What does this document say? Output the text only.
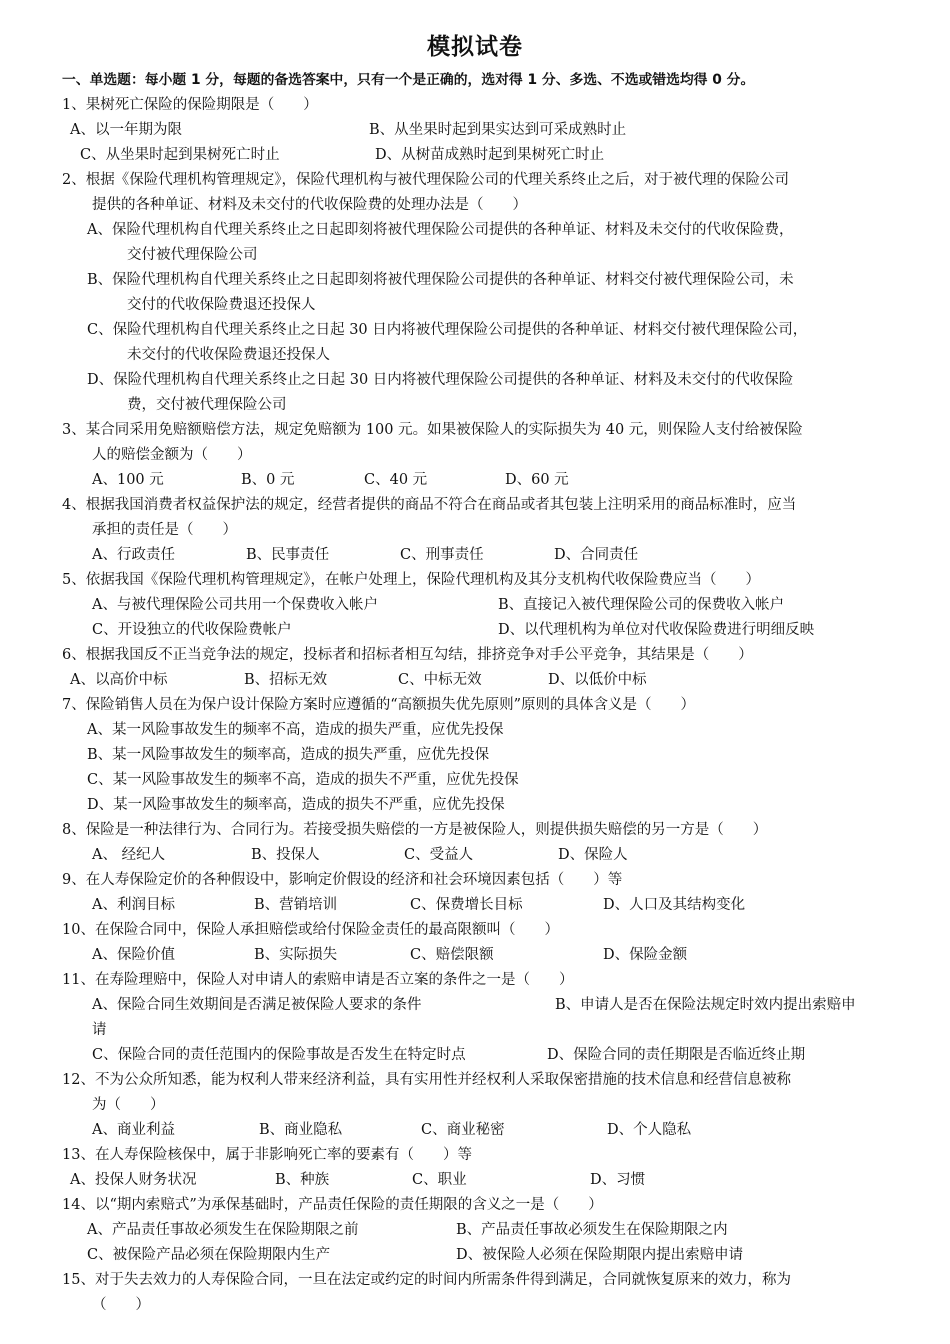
模拟试卷
一、单选题：每小题 1 分，每题的备选答案中，只有一个是正确的，选对得 1 分、多选、不选或错选均得 0 分。
1、果树死亡保险的保险期限是（　　）
A、以一年期为限	B、从坐果时起到果实达到可采成熟时止
C、从坐果时起到果树死亡时止	D、从树苗成熟时起到果树死亡时止
2、根据《保险代理机构管理规定》，保险代理机构与被代理保险公司的代理关系终止之后，对于被代理的保险公司
提供的各种单证、材料及未交付的代收保险费的处理办法是（　　）
A、保险代理机构自代理关系终止之日起即刻将被代理保险公司提供的各种单证、材料及未交付的代收保险费，
交付被代理保险公司
B、保险代理机构自代理关系终止之日起即刻将被代理保险公司提供的各种单证、材料交付被代理保险公司，未
交付的代收保险费退还投保人
C、保险代理机构自代理关系终止之日起 30 日内将被代理保险公司提供的各种单证、材料交付被代理保险公司，
未交付的代收保险费退还投保人
D、保险代理机构自代理关系终止之日起 30 日内将被代理保险公司提供的各种单证、材料及未交付的代收保险
费，交付被代理保险公司
3、某合同采用免赔额赔偿方法，规定免赔额为 100 元。如果被保险人的实际损失为 40 元，则保险人支付给被保险
人的赔偿金额为（　　）
A、100 元	B、0 元	C、40 元	D、60 元
4、根据我国消费者权益保护法的规定，经营者提供的商品不符合在商品或者其包装上注明采用的商品标准时，应当
承担的责任是（　　）
A、行政责任	B、民事责任	C、刑事责任	D、合同责任
5、依据我国《保险代理机构管理规定》，在帐户处理上，保险代理机构及其分支机构代收保险费应当（　　）
A、与被代理保险公司共用一个保费收入帐户	B、直接记入被代理保险公司的保费收入帐户
C、开设独立的代收保险费帐户	D、以代理机构为单位对代收保险费进行明细反映
6、根据我国反不正当竞争法的规定，投标者和招标者相互勾结，排挤竞争对手公平竞争，其结果是（　　）
A、以高价中标	B、招标无效	C、中标无效	D、以低价中标
7、保险销售人员在为保户设计保险方案时应遵循的“高额损失优先原则”原则的具体含义是（　　）
A、某一风险事故发生的频率不高，造成的损失严重，应优先投保
B、某一风险事故发生的频率高，造成的损失严重，应优先投保
C、某一风险事故发生的频率不高，造成的损失不严重，应优先投保
D、某一风险事故发生的频率高，造成的损失不严重，应优先投保
8、保险是一种法律行为、合同行为。若接受损失赔偿的一方是被保险人，则提供损失赔偿的另一方是（　　）
A、 经纪人	B、投保人	C、受益人	D、保险人
9、在人寿保险定价的各种假设中，影响定价假设的经济和社会环境因素包括（　　）等
A、利润目标	B、营销培训	C、保费增长目标	D、人口及其结构变化
10、在保险合同中，保险人承担赔偿或给付保险金责任的最高限额叫（　　）
A、保险价值	B、实际损失	C、赔偿限额	D、保险金额
11、在寿险理赔中，保险人对申请人的索赔申请是否立案的条件之一是（　　）
A、保险合同生效期间是否满足被保险人要求的条件	B、申请人是否在保险法规定时效内提出索赔申
请
C、保险合同的责任范围内的保险事故是否发生在特定时点	D、保险合同的责任期限是否临近终止期
12、不为公众所知悉，能为权利人带来经济利益，具有实用性并经权利人采取保密措施的技术信息和经营信息被称
为（　　）
A、商业利益	B、商业隐私	C、商业秘密	D、个人隐私
13、在人寿保险核保中，属于非影响死亡率的要素有（　　）等
A、投保人财务状况	B、种族	C、职业	D、习惯
14、以“期内索赔式”为承保基础时，产品责任保险的责任期限的含义之一是（　　）
A、产品责任事故必须发生在保险期限之前	B、产品责任事故必须发生在保险期限之内
C、被保险产品必须在保险期限内生产	D、被保险人必须在保险期限内提出索赔申请
15、对于失去效力的人寿保险合同，一旦在法定或约定的时间内所需条件得到满足，合同就恢复原来的效力，称为
（　　）
